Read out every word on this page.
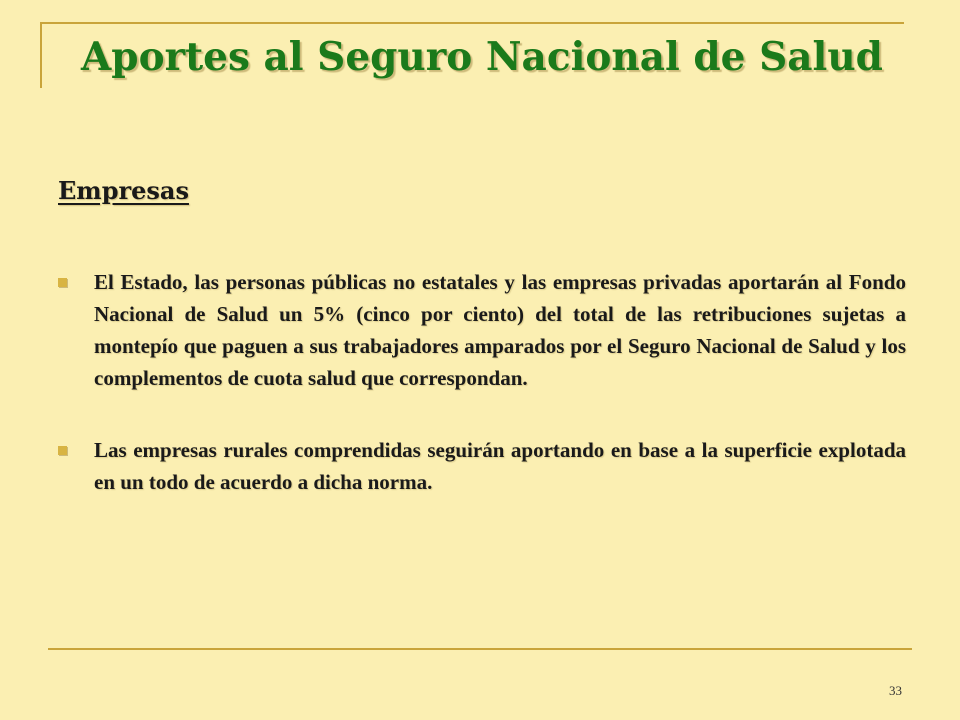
Aportes al Seguro Nacional de Salud
Empresas
El Estado, las personas públicas no estatales y las empresas privadas aportarán al Fondo Nacional de Salud un 5% (cinco por ciento) del total de las retribuciones sujetas a montepío que paguen a sus trabajadores amparados por el Seguro Nacional de Salud y los complementos de cuota salud que correspondan.
Las empresas rurales comprendidas seguirán aportando en base a la superficie explotada en un todo de acuerdo a dicha norma.
33
